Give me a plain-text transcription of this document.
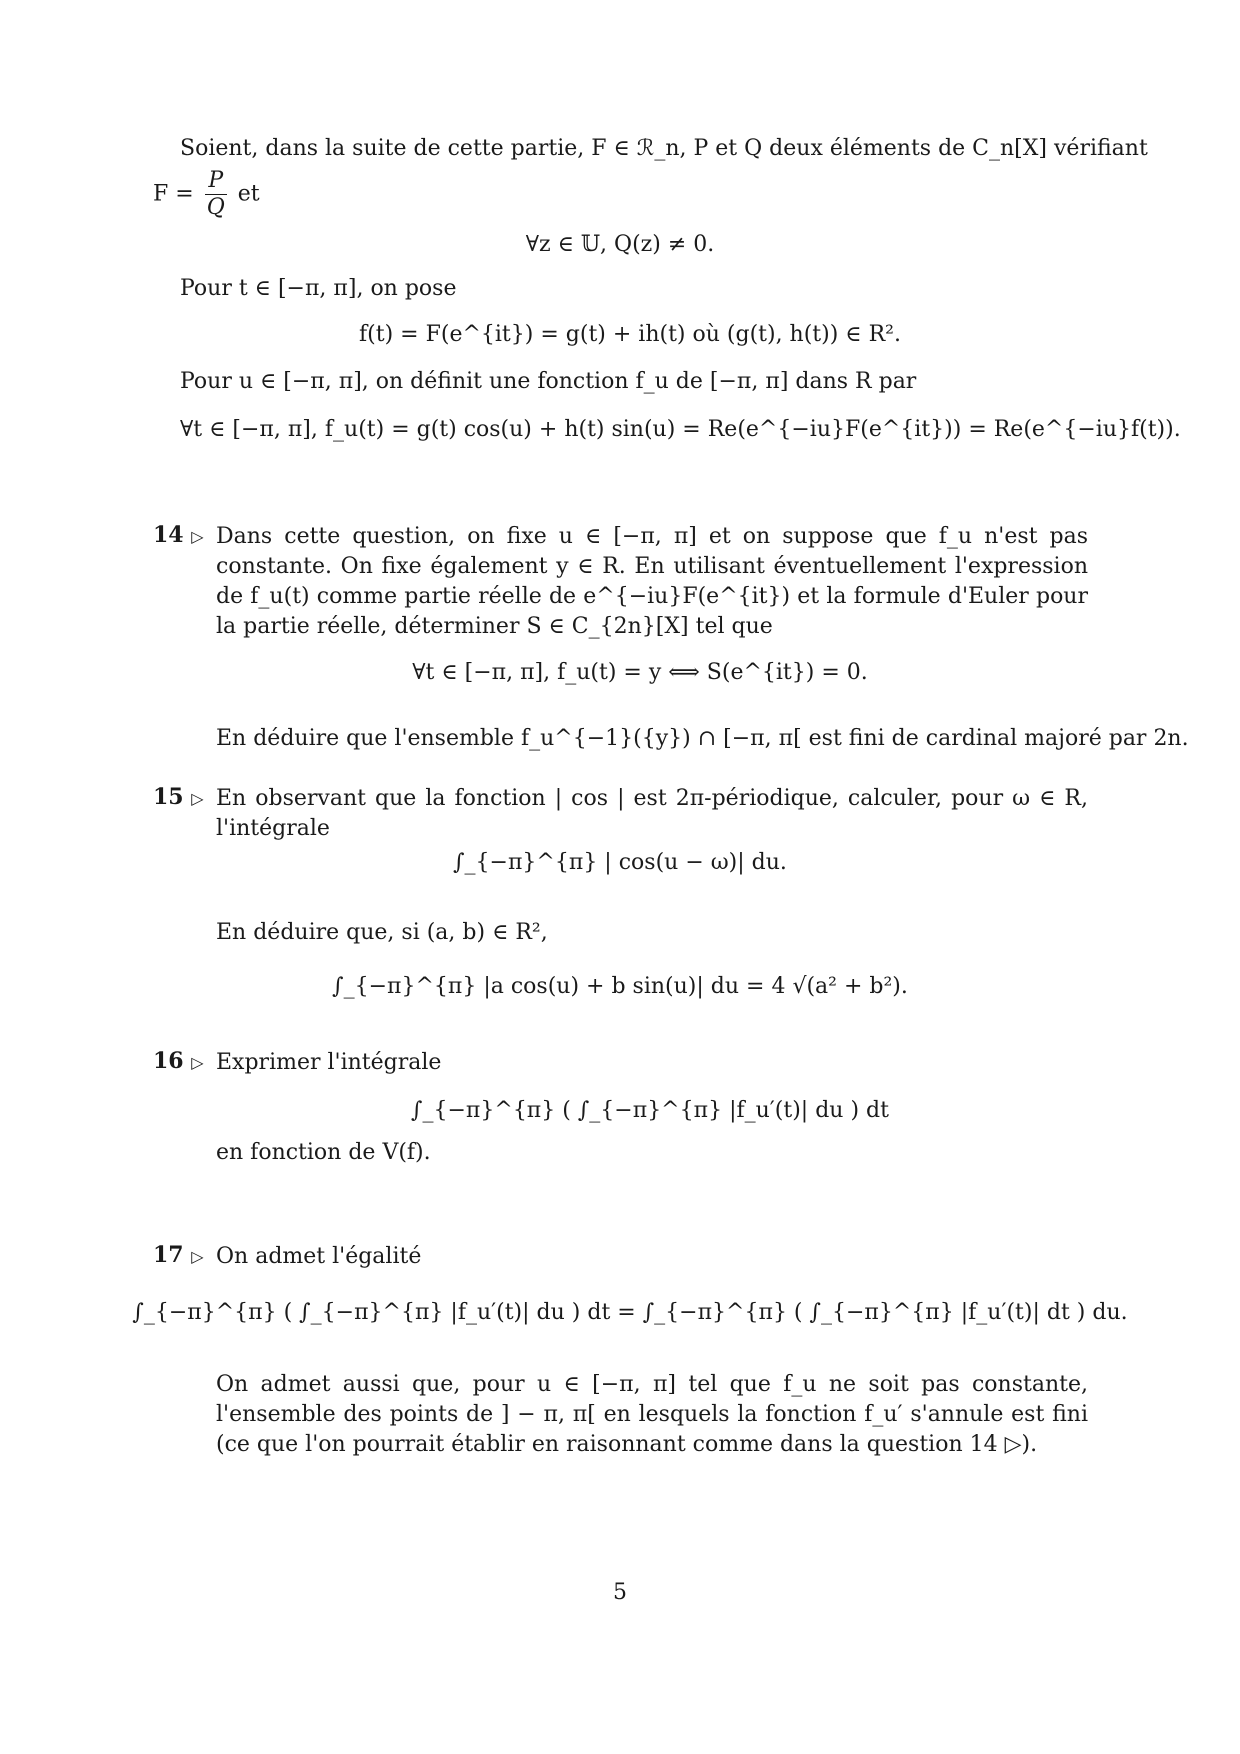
Soient, dans la suite de cette partie, F ∈ ℛ_n, P et Q deux éléments de C_n[X] vérifiant
$F = \frac{P}{Q}$ et
∀z ∈ 𝕌, Q(z) ≠ 0.
Pour t ∈ [−π, π], on pose
f(t) = F(e^{it}) = g(t) + ih(t) où (g(t), h(t)) ∈ R².
Pour u ∈ [−π, π], on définit une fonction f_u de [−π, π] dans R par
∀t ∈ [−π, π], f_u(t) = g(t) cos(u) + h(t) sin(u) = Re(e^{−iu}F(e^{it})) = Re(e^{−iu}f(t)).
14 ▷ Dans cette question, on fixe u ∈ [−π, π] et on suppose que f_u n'est pas constante. On fixe également y ∈ R. En utilisant éventuellement l'expression de f_u(t) comme partie réelle de e^{−iu}F(e^{it}) et la formule d'Euler pour la partie réelle, déterminer S ∈ C_{2n}[X] tel que
∀t ∈ [−π, π], f_u(t) = y ⟺ S(e^{it}) = 0.
En déduire que l'ensemble f_u^{−1}({y}) ∩ [−π, π[ est fini de cardinal majoré par 2n.
15 ▷ En observant que la fonction | cos | est 2π-périodique, calculer, pour ω ∈ R, l'intégrale
∫_{−π}^{π} | cos(u − ω)| du.
En déduire que, si (a, b) ∈ R²,
∫_{−π}^{π} |a cos(u) + b sin(u)| du = 4 √(a² + b²).
16 ▷ Exprimer l'intégrale
∫_{−π}^{π} ( ∫_{−π}^{π} |f_u′(t)| du ) dt
en fonction de V(f).
17 ▷ On admet l'égalité
∫_{−π}^{π} ( ∫_{−π}^{π} |f_u′(t)| du ) dt = ∫_{−π}^{π} ( ∫_{−π}^{π} |f_u′(t)| dt ) du.
On admet aussi que, pour u ∈ [−π, π] tel que f_u ne soit pas constante, l'ensemble des points de ] − π, π[ en lesquels la fonction f_u′ s'annule est fini (ce que l'on pourrait établir en raisonnant comme dans la question 14 ▷).
5
